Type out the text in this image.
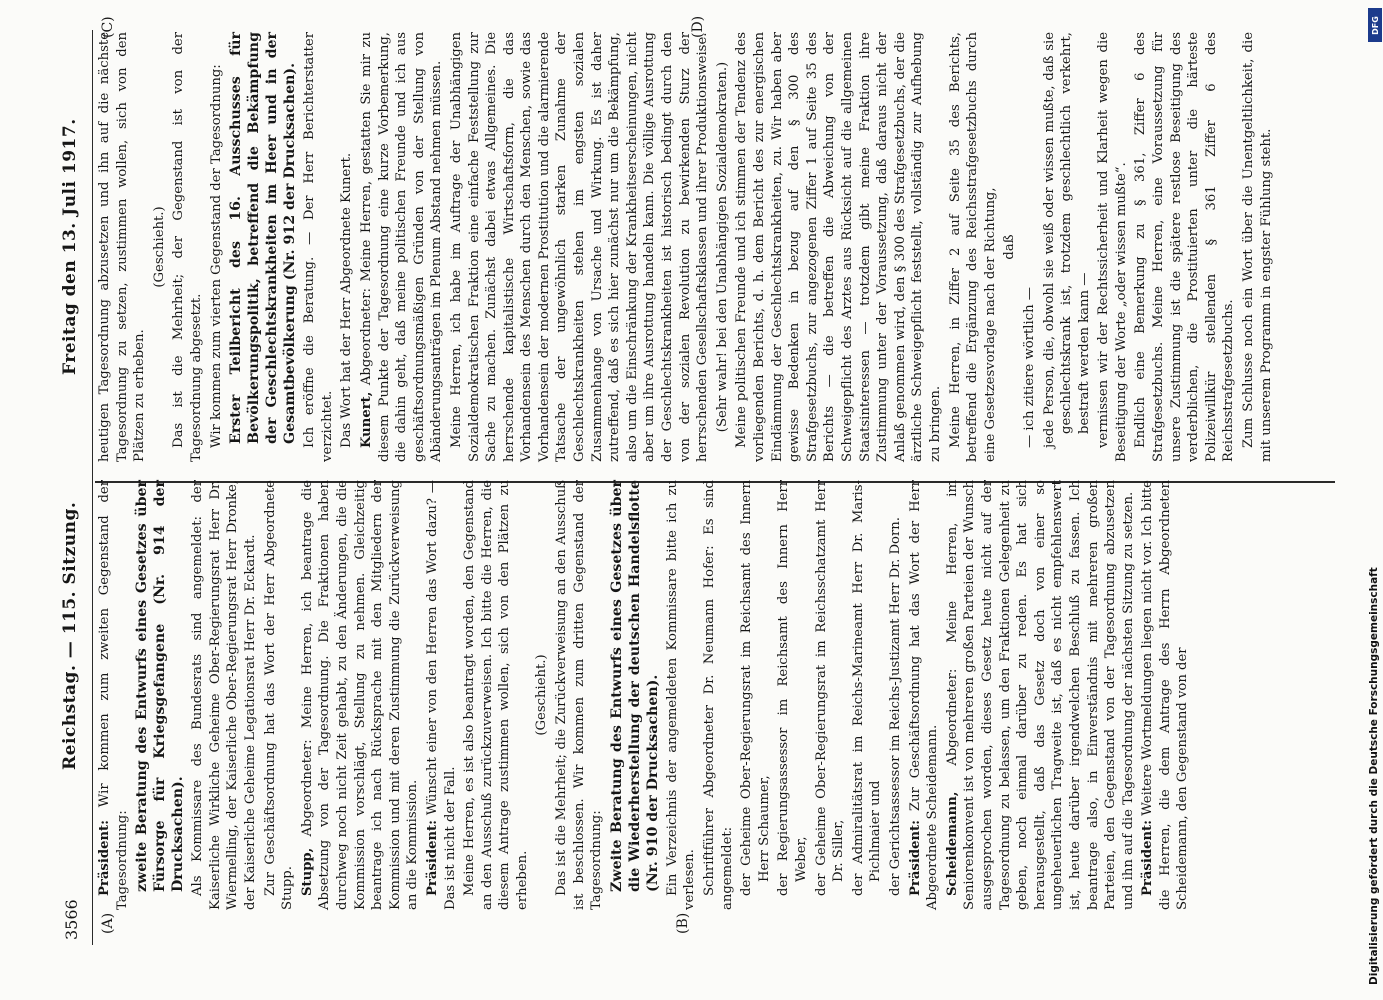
3566
Reichstag. — 115. Sitzung.
Freitag den 13. Juli 1917.
(A)	(B)
(C)	(D)

Präsident: Wir kommen zum zweiten Gegenstand der Tagesordnung: zweite Beratung des Entwurfs eines Gesetzes über Fürsorge für Kriegsgefangene (Nr. 914 der Drucksachen). Als Kommissare des Bundesrats sind angemeldet: der Kaiserliche Wirkliche Geheime Ober-Regierungsrat Herr Dr. Wiermelling, der Kaiserliche Ober-Regierungsrat Herr Dronke, der Kaiserliche Geheime Legationsrat Herr Dr. Eckardt. Zur Geschäftsordnung hat das Wort der Herr Abgeordnete Stupp. Stupp, Abgeordneter: Meine Herren, ich beantrage die Absetzung von der Tagesordnung. Die Fraktionen haben durchweg noch nicht Zeit gehabt, zu den Änderungen, die die Kommission vorschlägt, Stellung zu nehmen. Gleichzeitig beantrage ich nach Rücksprache mit den Mitgliedern der Kommission und mit deren Zustimmung die Zurückverweisung an die Kommission. Präsident: Wünscht einer von den Herren das Wort dazu? — Das ist nicht der Fall. Meine Herren, es ist also beantragt worden, den Gegenstand an den Ausschuß zurückzuverweisen. Ich bitte die Herren, die diesem Antrage zustimmen wollen, sich von den Plätzen zu erheben.

(Geschieht.) Das ist die Mehrheit; die Zurückverweisung an den Ausschuß ist beschlossen. Wir kommen zum dritten Gegenstand der Tagesordnung: Zweite Beratung des Entwurfs eines Gesetzes über die Wiederherstellung der deutschen Handelsflotte (Nr. 910 der Drucksachen). Ein Verzeichnis der angemeldeten Kommissare bitte ich zu verlesen. Schriftführer Abgeordneter Dr. Neumann Hofer: Es sind angemeldet: der Geheime Ober-Regierungsrat im Reichsamt des Innern Herr Schaumer, der Regierungsassessor im Reichsamt des Innern Herr Weber, der Geheime Ober-Regierungsrat im Reichsschatzamt Herr Dr. Siller, der Admiralitätsrat im Reichs-Marineamt Herr Dr. Maris-Pichlmaier und der Gerichtsassessor im Reichs-Justizamt Herr Dr. Dorn. Präsident: Zur Geschäftsordnung hat das Wort der Herr Abgeordnete Scheidemann. Scheidemann, Abgeordneter: Meine Herren, im Seniorenkonvent ist von mehreren großen Parteien der Wunsch ausgesprochen worden, dieses Gesetz heute nicht auf der Tagesordnung zu belassen, um den Fraktionen Gelegenheit zu geben, noch einmal darüber zu reden. Es hat sich herausgestellt, daß das Gesetz doch von einer so ungeheuerlichen Tragweite ist, daß es nicht empfehlenswert ist, heute darüber irgendwelchen Beschluß zu fassen. Ich beantrage also, in Einverständnis mit mehreren großen Parteien, den Gegenstand von der Tagesordnung abzusetzen und ihn auf die Tagesordnung der nächsten Sitzung zu setzen. Präsident: Weitere Wortmeldungen liegen nicht vor. Ich bitte die Herren, die dem Antrage des Herrn Abgeordneten Scheidemann, den Gegenstand von der

heutigen Tagesordnung abzusetzen und ihn auf die nächste Tagesordnung zu setzen, zustimmen wollen, sich von den Plätzen zu erheben.

(Geschieht.) Das ist die Mehrheit; der Gegenstand ist von der Tagesordnung abgesetzt. Wir kommen zum vierten Gegenstand der Tagesordnung: Erster Teilbericht des 16. Ausschusses für Bevölkerungspolitik, betreffend die Bekämpfung der Geschlechtskrankheiten im Heer und in der Gesamtbevölkerung (Nr. 912 der Drucksachen). Ich eröffne die Beratung. — Der Herr Berichterstatter verzichtet. Das Wort hat der Herr Abgeordnete Kunert. Kunert, Abgeordneter: Meine Herren, gestatten Sie mir zu diesem Punkte der Tagesordnung eine kurze Vorbemerkung, die dahin geht, daß meine politischen Freunde und ich aus geschäftsordnungsmäßigen Gründen von der Stellung von Abänderungsanträgen im Plenum Abstand nehmen müssen. Meine Herren, ich habe im Auftrage der Unabhängigen Sozialdemokratischen Fraktion eine einfache Feststellung zur Sache zu machen. Zunächst dabei etwas Allgemeines. Die herrschende kapitalistische Wirtschaftsform, die das Vorhandensein des Menschen durch den Menschen, sowie das Vorhandensein der modernen Prostitution und die alarmierende Tatsache der ungewöhnlich starken Zunahme der Geschlechtskrankheiten stehen im engsten sozialen Zusammenhange von Ursache und Wirkung. Es ist daher zutreffend, daß es sich hier zunächst nur um die Bekämpfung, also um die Einschränkung der Krankheitserscheinungen, nicht aber um ihre Ausrottung handeln kann. Die völlige Ausrottung der Geschlechtskrankheiten ist historisch bedingt durch den von der sozialen Revolution zu bewirkenden Sturz der herrschenden Gesellschaftsklassen und ihrer Produktionsweise. (Sehr wahr! bei den Unabhängigen Sozialdemokraten.) Meine politischen Freunde und ich stimmen der Tendenz des vorliegenden Berichts, d. h. dem Bericht des zur energischen Eindämmung der Geschlechtskrankheiten, zu. Wir haben aber gewisse Bedenken in bezug auf den § 300 des Strafgesetzbuchs, zur angezogenen Ziffer 1 auf Seite 35 des Berichts — die betreffen die Abweichung von der Schweigepflicht des Arztes aus Rücksicht auf die allgemeinen Staatsinteressen — trotzdem gibt meine Fraktion ihre Zustimmung unter der Voraussetzung, daß daraus nicht der Anlaß genommen wird, den § 300 des Strafgesetzbuchs, der die ärztliche Schweigepflicht feststellt, vollständig zur Aufhebung zu bringen. Meine Herren, in Ziffer 2 auf Seite 35 des Berichts, betreffend die Ergänzung des Reichsstrafgesetzbuchs durch eine Gesetzesvorlage nach der Richtung, daß

— ich zitiere wörtlich — jede Person, die, obwohl sie weiß oder wissen mußte, daß sie geschlechtskrank ist, trotzdem geschlechtlich verkehrt, bestraft werden kann — vermissen wir der Rechtssicherheit und Klarheit wegen die Beseitigung der Worte „oder wissen mußte“. Endlich eine Bemerkung zu § 361, Ziffer 6 des Strafgesetzbuchs. Meine Herren, eine Voraussetzung für unsere Zustimmung ist die spätere restlose Beseitigung des verderblichen, die Prostituierten unter die härteste Polizeiwillkür stellenden § 361 Ziffer 6 des Reichsstrafgesetzbuchs. Zum Schlusse noch ein Wort über die Unentgeltlichkeit, die mit unserem Programm in engster Fühlung steht.

DFG
Digitalisierung gefördert durch die Deutsche Forschungsgemeinschaft
